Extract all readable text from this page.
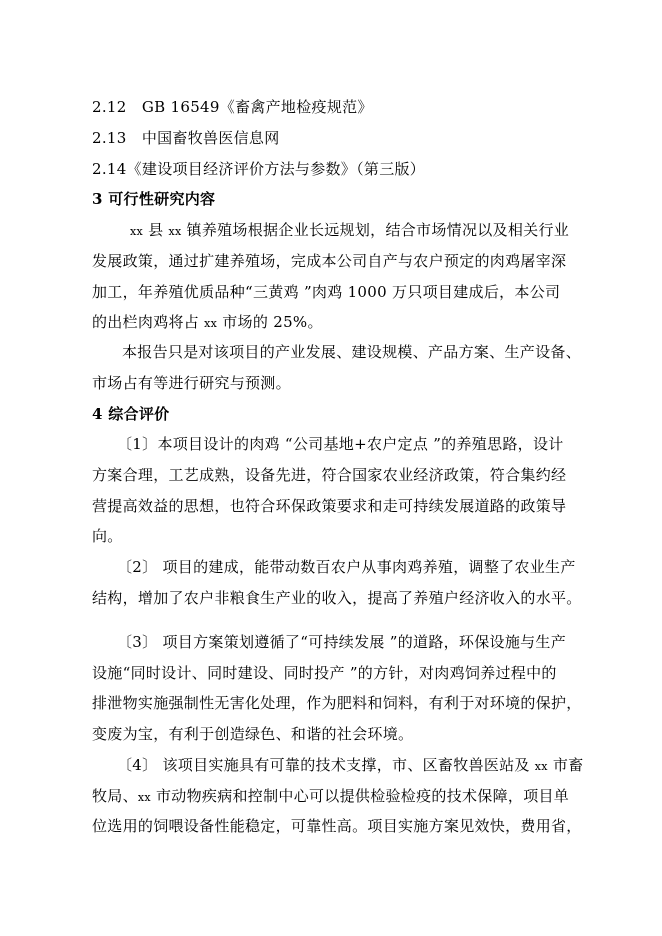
2.12 GB 16549《畜禽产地检疫规范》
2.13 中国畜牧兽医信息网
2.14《建设项目经济评价方法与参数》（第三版）
3 可行性研究内容
xx 县 xx 镇养殖场根据企业长远规划，结合市场情况以及相关行业
发展政策，通过扩建养殖场，完成本公司自产与农户预定的肉鸡屠宰深
加工，年养殖优质品种“三黄鸡 ”肉鸡 1000 万只项目建成后，本公司
的出栏肉鸡将占 xx 市场的 25%。
本报告只是对该项目的产业发展、建设规模、产品方案、生产设备、
市场占有等进行研究与预测。
4 综合评价
〔1〕本项目设计的肉鸡 “公司基地+农户定点 ”的养殖思路，设计
方案合理，工艺成熟，设备先进，符合国家农业经济政策，符合集约经
营提高效益的思想，也符合环保政策要求和走可持续发展道路的政策导
向。
〔2〕 项目的建成，能带动数百农户从事肉鸡养殖，调整了农业生产
结构，增加了农户非粮食生产业的收入，提高了养殖户经济收入的水平。
〔3〕 项目方案策划遵循了“可持续发展 ”的道路，环保设施与生产
设施“同时设计、同时建设、同时投产 ”的方针，对肉鸡饲养过程中的
排泄物实施强制性无害化处理，作为肥料和饲料，有利于对环境的保护，
变废为宝，有利于创造绿色、和谐的社会环境。
〔4〕 该项目实施具有可靠的技术支撑，市、区畜牧兽医站及 xx 市畜
牧局、xx 市动物疾病和控制中心可以提供检验检疫的技术保障，项目单
位选用的饲喂设备性能稳定，可靠性高。项目实施方案见效快，费用省，
